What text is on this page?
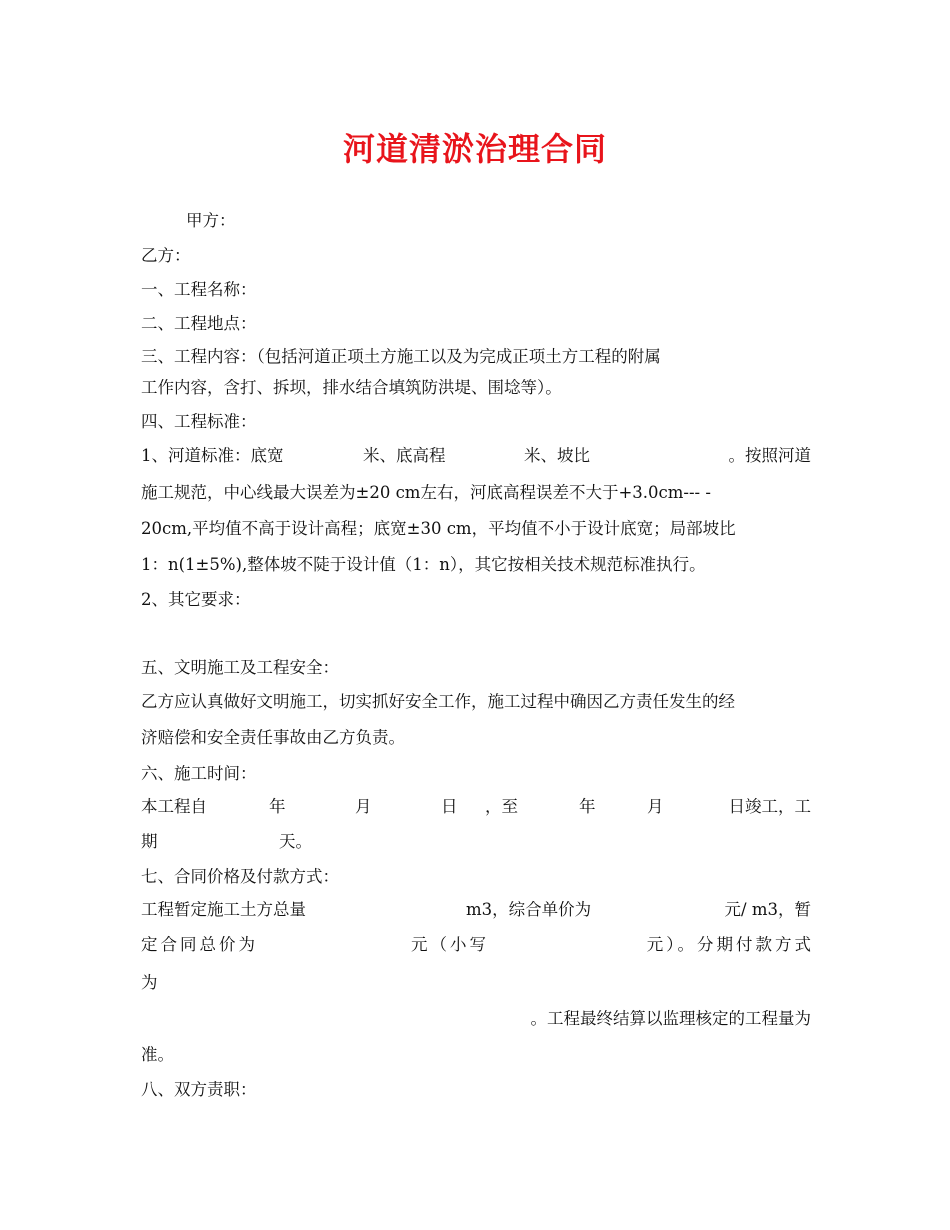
河道清淤治理合同
甲方：
乙方：
一、工程名称：
二、工程地点：
三、工程内容：（包括河道正项土方施工以及为完成正项土方工程的附属
工作内容，含打、拆坝，排水结合填筑防洪堤、围埝等）。
四、工程标准：
1、河道标准：底宽	米、底高程	米、坡比	。按照河道
施工规范，中心线最大误差为±20 cm左右，河底高程误差不大于+3.0cm--- -
20cm,平均值不高于设计高程；底宽±30 cm，平均值不小于设计底宽；局部坡比
1：n(1±5%),整体坡不陡于设计值（1：n），其它按相关技术规范标准执行。
2、其它要求：
五、文明施工及工程安全：
乙方应认真做好文明施工，切实抓好安全工作，施工过程中确因乙方责任发生的经
济赔偿和安全责任事故由乙方负责。
六、施工时间：
本工程自	年	月	日 ，至	年	月	日竣工，工
期	天。
七、合同价格及付款方式：
工程暂定施工土方总量	m3，综合单价为	元/ m3，暂
定合同总价为	元（小写	元）。分期付款方式
为
。工程最终结算以监理核定的工程量为
准。
八、双方责职：
